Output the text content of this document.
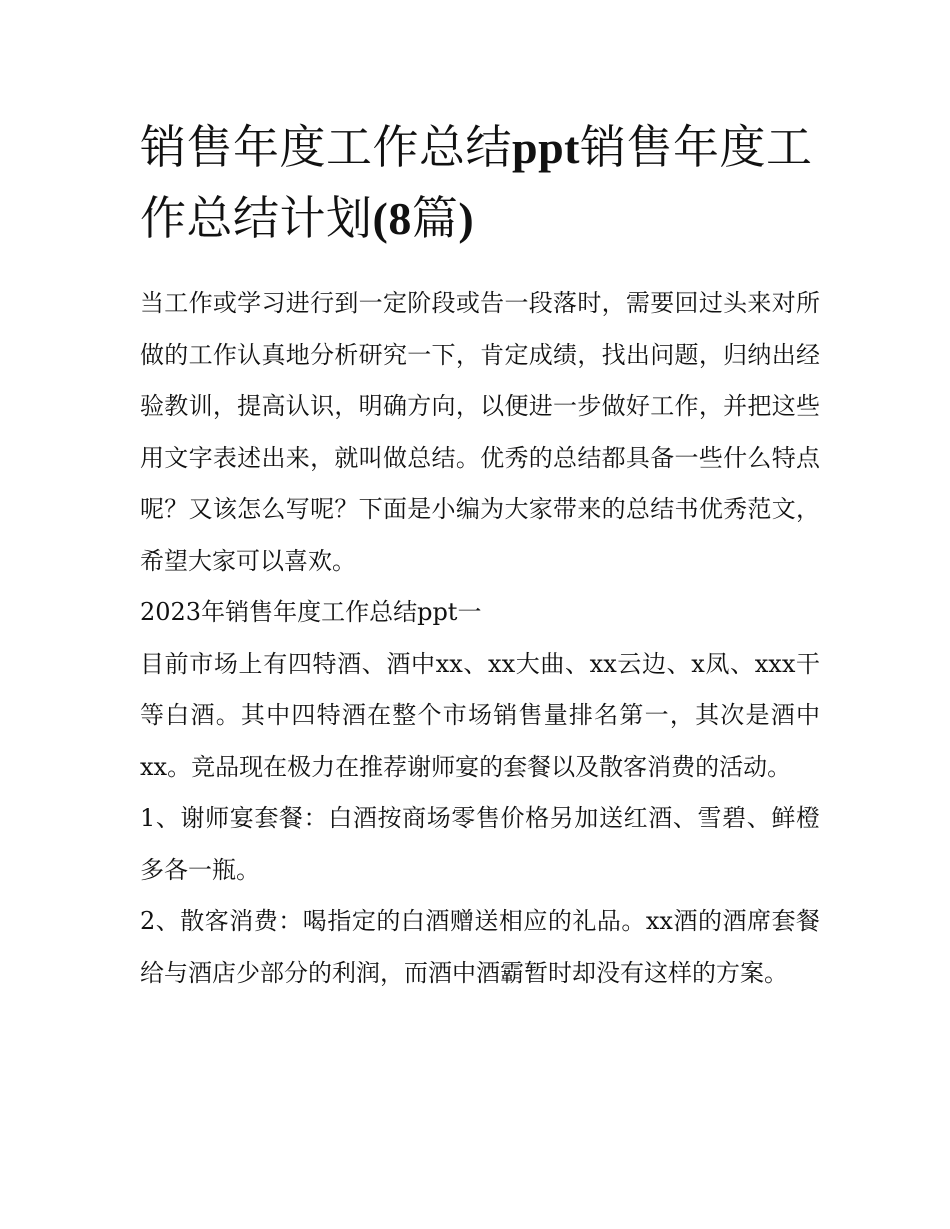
销售年度工作总结ppt销售年度工作总结计划(8篇)

当工作或学习进行到一定阶段或告一段落时，需要回过头来对所做的工作认真地分析研究一下，肯定成绩，找出问题，归纳出经验教训，提高认识，明确方向，以便进一步做好工作，并把这些用文字表述出来，就叫做总结。优秀的总结都具备一些什么特点呢？又该怎么写呢？下面是小编为大家带来的总结书优秀范文，希望大家可以喜欢。

2023年销售年度工作总结ppt一

目前市场上有四特酒、酒中xx、xx大曲、xx云边、x凤、xxx干等白酒。其中四特酒在整个市场销售量排名第一，其次是酒中xx。竞品现在极力在推荐谢师宴的套餐以及散客消费的活动。

1、谢师宴套餐：白酒按商场零售价格另加送红酒、雪碧、鲜橙多各一瓶。

2、散客消费：喝指定的白酒赠送相应的礼品。xx酒的酒席套餐给与酒店少部分的利润，而酒中酒霸暂时却没有这样的方案。
